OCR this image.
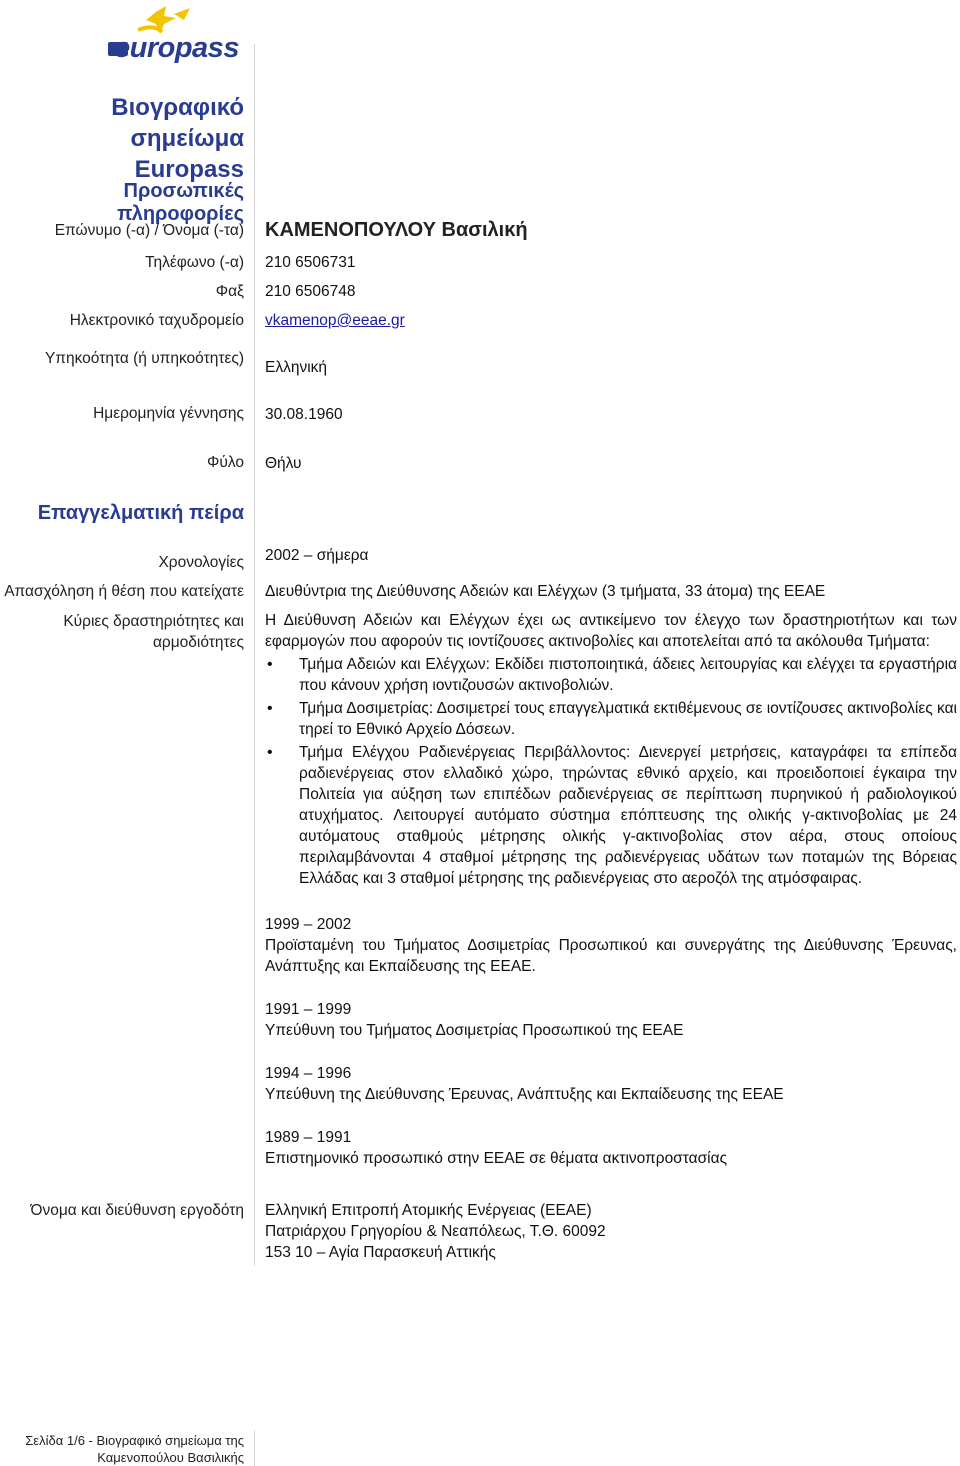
europass
Βιογραφικό σημείωμα
Europass
Προσωπικές πληροφορίες
Επώνυμο (-α) / Όνομα (-τα) ΚΑΜΕΝΟΠΟΥΛΟΥ Βασιλική
Τηλέφωνο (-α) 210 6506731
Φαξ 210 6506748
Ηλεκτρονικό ταχυδρομείο vkamenop@eeae.gr
Υπηκοότητα (ή υπηκοότητες)
Ελληνική
Ημερομηνία γέννησης 30.08.1960
Φύλο Θήλυ
Επαγγελματική πείρα
Χρονολογίες 2002 – σήμερα
Απασχόληση ή θέση που κατείχατε Διευθύντρια της Διεύθυνσης Αδειών και Ελέγχων (3 τμήματα, 33 άτομα) της ΕΕΑΕ
Κύριες δραστηριότητες και αρμοδιότητες
Η Διεύθυνση Αδειών και Ελέγχων έχει ως αντικείμενο τον έλεγχο των δραστηριοτήτων και των εφαρμογών που αφορούν τις ιοντίζουσες ακτινοβολίες και αποτελείται από τα ακόλουθα Τμήματα:
• Τμήμα Αδειών και Ελέγχων: Εκδίδει πιστοποιητικά, άδειες λειτουργίας και ελέγχει τα εργαστήρια που κάνουν χρήση ιοντιζουσών ακτινοβολιών.
• Τμήμα Δοσιμετρίας: Δοσιμετρεί τους επαγγελματικά εκτιθέμενους σε ιοντίζουσες ακτινοβολίες και τηρεί το Εθνικό Αρχείο Δόσεων.
• Τμήμα Ελέγχου Ραδιενέργειας Περιβάλλοντος: Διενεργεί μετρήσεις, καταγράφει τα επίπεδα ραδιενέργειας στον ελλαδικό χώρο, τηρώντας εθνικό αρχείο, και προειδοποιεί έγκαιρα την Πολιτεία για αύξηση των επιπέδων ραδιενέργειας σε περίπτωση πυρηνικού ή ραδιολογικού ατυχήματος. Λειτουργεί αυτόματο σύστημα επόπτευσης της ολικής γ-ακτινοβολίας με 24 αυτόματους σταθμούς μέτρησης ολικής γ-ακτινοβολίας στον αέρα, στους οποίους περιλαμβάνονται 4 σταθμοί μέτρησης της ραδιενέργειας υδάτων των ποταμών της Βόρειας Ελλάδας και 3 σταθμοί μέτρησης της ραδιενέργειας στο αεροζόλ της ατμόσφαιρας.
1999 – 2002
Προϊσταμένη του Τμήματος Δοσιμετρίας Προσωπικού και συνεργάτης της Διεύθυνσης Έρευνας, Ανάπτυξης και Εκπαίδευσης της ΕΕΑΕ.
1991 – 1999
Υπεύθυνη του Τμήματος Δοσιμετρίας Προσωπικού της ΕΕΑΕ
1994 – 1996
Υπεύθυνη της Διεύθυνσης Έρευνας, Ανάπτυξης και Εκπαίδευσης της ΕΕΑΕ
1989 – 1991
Επιστημονικό προσωπικό στην ΕΕΑΕ σε θέματα ακτινοπροστασίας
Όνομα και διεύθυνση εργοδότη Ελληνική Επιτροπή Ατομικής Ενέργειας (ΕΕΑΕ)
Πατριάρχου Γρηγορίου & Νεαπόλεως, Τ.Θ. 60092
153 10 – Αγία Παρασκευή Αττικής
Σελίδα 1/6 - Βιογραφικό σημείωμα της
Καμενοπούλου Βασιλικής
